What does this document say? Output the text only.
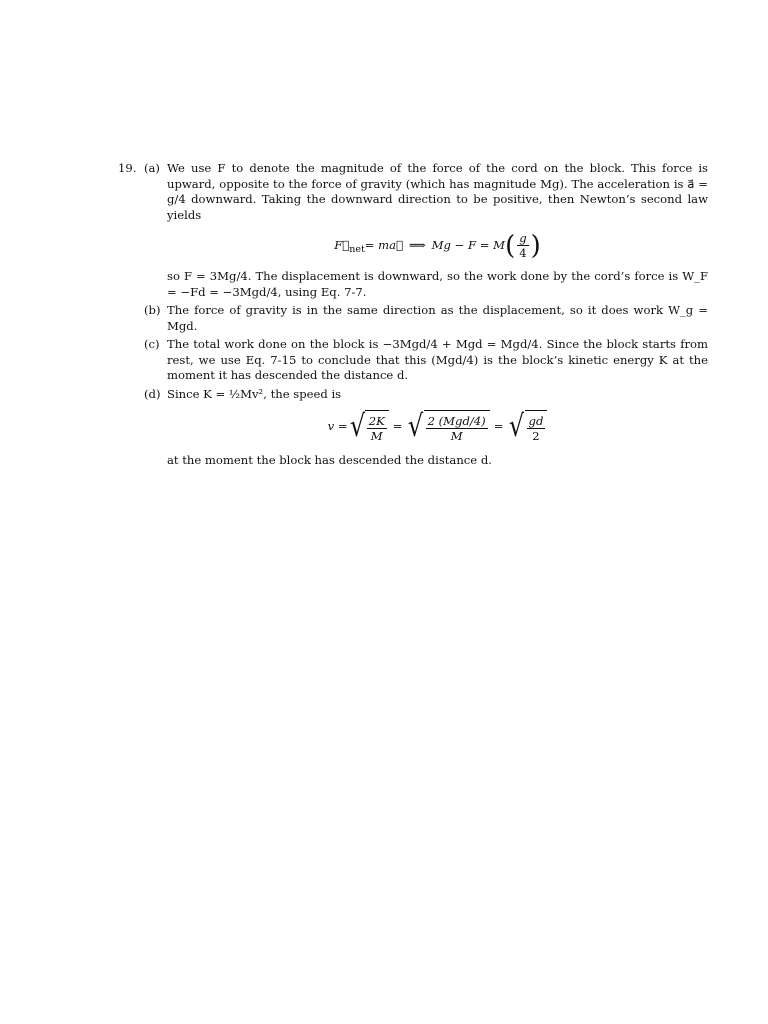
19. (a) We use F to denote the magnitude of the force of the cord on the block. This force is upward, opposite to the force of gravity (which has magnitude Mg). The acceleration is a⃗ = g/4 downward. Taking the downward direction to be positive, then Newton’s second law yields

F⃗ net = ma⃗ ⟹ Mg − F = M ( $\frac{g}{4}$ )

so F = 3Mg/4. The displacement is downward, so the work done by the cord’s force is W_F = −Fd = −3Mgd/4, using Eq. 7-7.

(b) The force of gravity is in the same direction as the displacement, so it does work W_g = Mgd.

(c) The total work done on the block is −3Mgd/4 + Mgd = Mgd/4. Since the block starts from rest, we use Eq. 7-15 to conclude that this (Mgd/4) is the block’s kinetic energy K at the moment it has descended the distance d.

(d) Since K = ½Mv², the speed is

v = √ $\frac{2K}{M}$ = √ $\frac{\text{2 (Mgd/4)}}{M}$ = √ $\frac{gd}{2}$

at the moment the block has descended the distance d.
